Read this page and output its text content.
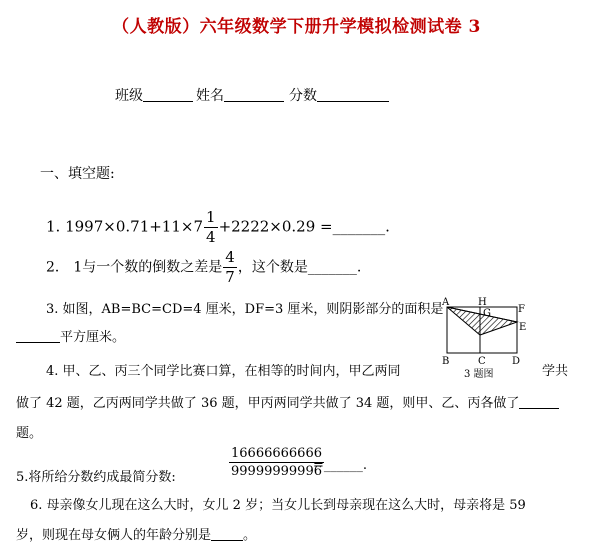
（人教版）六年级数学下册升学模拟检测试卷 3
班级	姓名	分数
一、填空题:
1. $1997\times 0.71+11\times 7 \frac{1}{4} +2222\times 0.29$ =_______.
2． 1与一个数的倒数之差是 $\frac{4}{7}$ ，这个数是_______.
3. 如图，AB=BC=CD=4 厘米，DF=3 厘米，则阴影部分的面积是
平方厘米。
A	H
F
G
E
B	C	D
3 题图
4. 甲、乙、丙三个同学比赛口算，在相等的时间内，甲乙两同	学共
做了 42 题，乙丙两同学共做了 36 题，甲丙两同学共做了 34 题，则甲、乙、丙各做了
题。
5.将所给分数约成最简分数:	$\frac{16666666666}{99999999996}$
=______.
6. 母亲像女儿现在这么大时，女儿 2 岁；当女儿长到母亲现在这么大时，母亲将是 59
岁，则现在母女俩人的年龄分别是 。
